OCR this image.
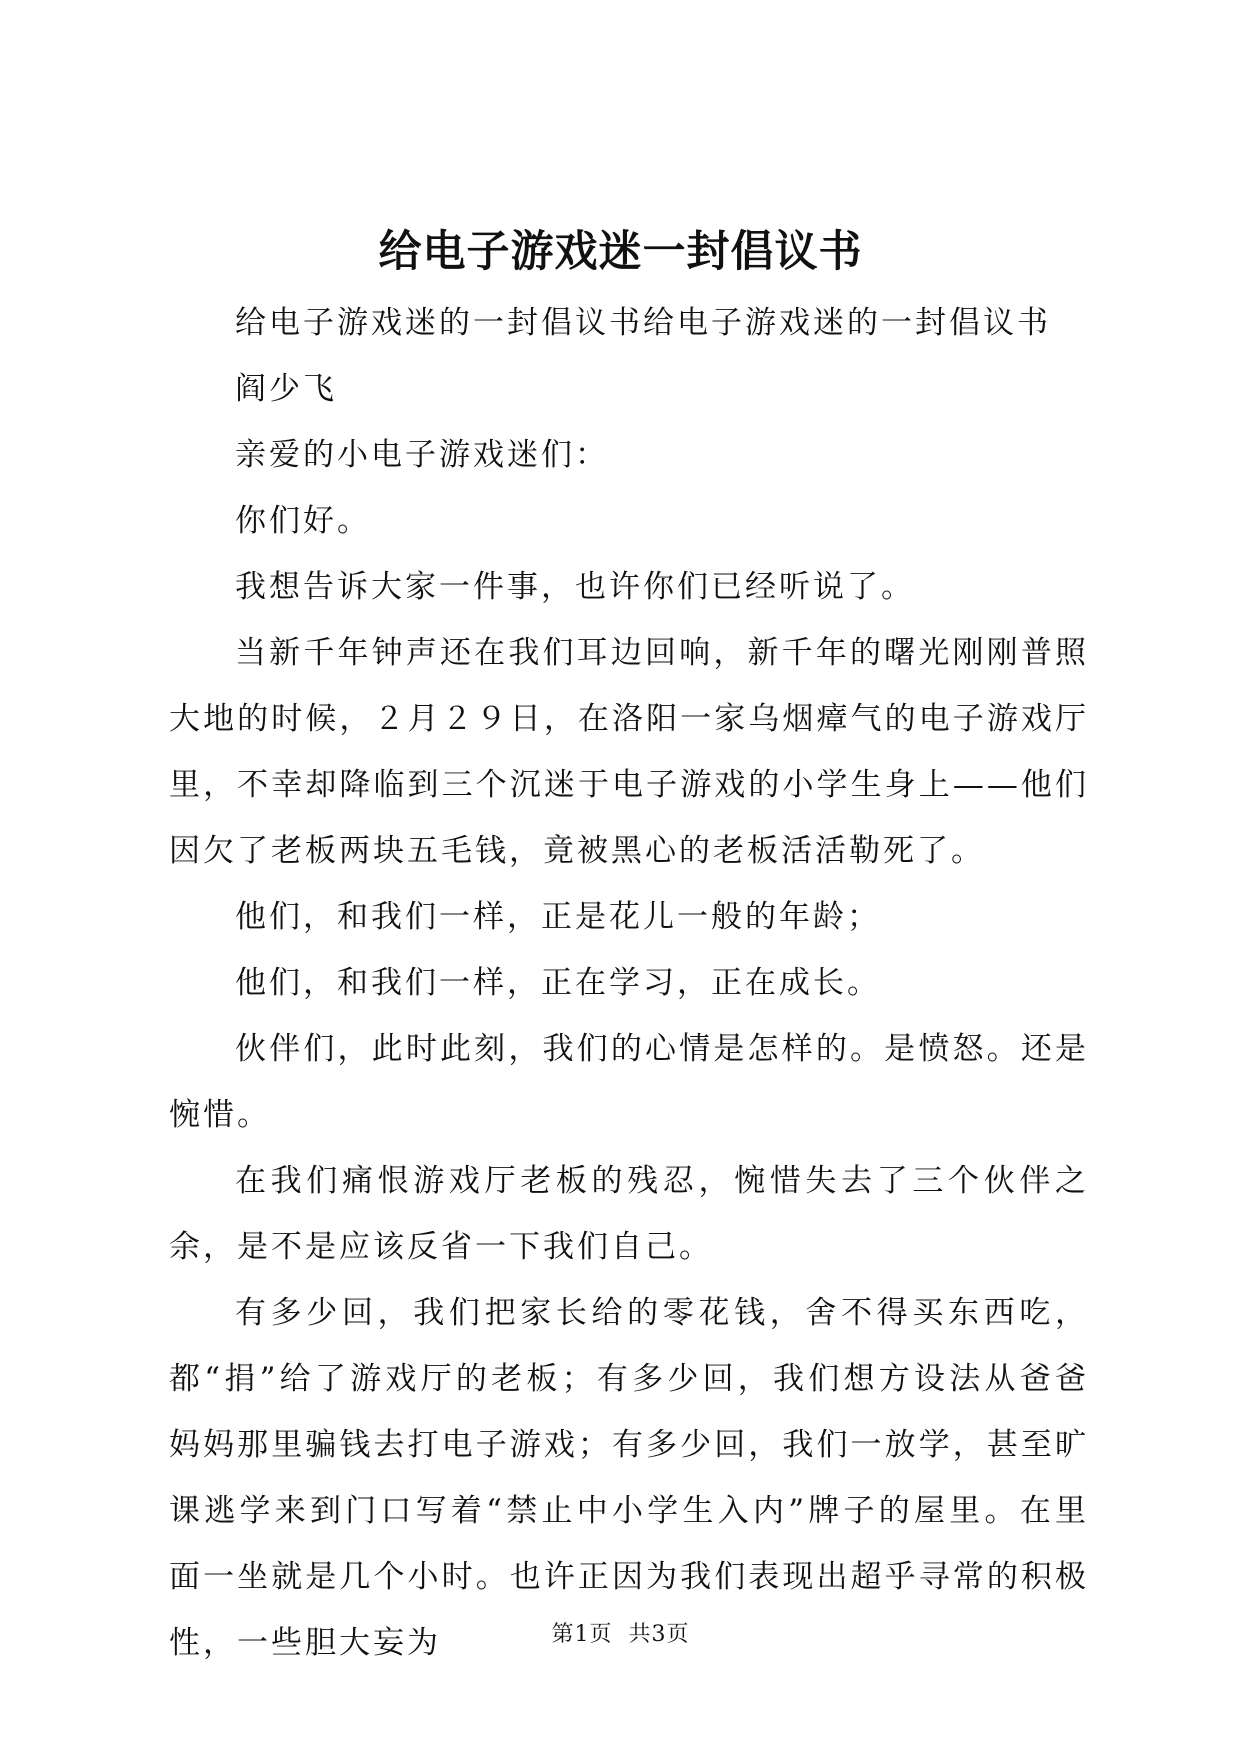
给电子游戏迷一封倡议书

给电子游戏迷的一封倡议书给电子游戏迷的一封倡议书

阎少飞

亲爱的小电子游戏迷们：

你们好。

我想告诉大家一件事，也许你们已经听说了。

当新千年钟声还在我们耳边回响，新千年的曙光刚刚普照大地的时候，２月２９日，在洛阳一家乌烟瘴气的电子游戏厅里，不幸却降临到三个沉迷于电子游戏的小学生身上——他们因欠了老板两块五毛钱，竟被黑心的老板活活勒死了。

他们，和我们一样，正是花儿一般的年龄；

他们，和我们一样，正在学习，正在成长。

伙伴们，此时此刻，我们的心情是怎样的。是愤怒。还是惋惜。

在我们痛恨游戏厅老板的残忍，惋惜失去了三个伙伴之余，是不是应该反省一下我们自己。

有多少回，我们把家长给的零花钱，舍不得买东西吃，都“捐”给了游戏厅的老板；有多少回，我们想方设法从爸爸妈妈那里骗钱去打电子游戏；有多少回，我们一放学，甚至旷课逃学来到门口写着“禁止中小学生入内”牌子的屋里。在里面一坐就是几个小时。也许正因为我们表现出超乎寻常的积极性，一些胆大妄为	第1页 共3页
